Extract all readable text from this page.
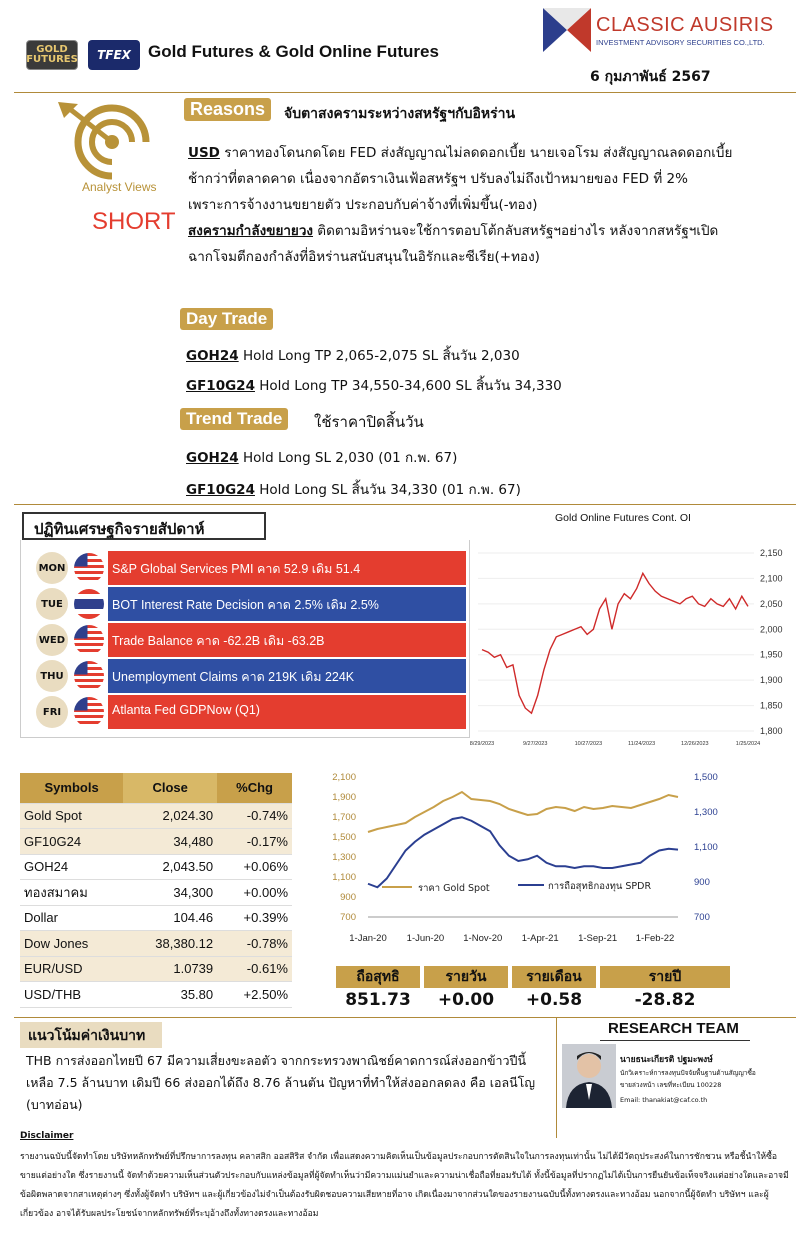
GOLD FUTURES	TFEX	Gold Futures & Gold Online Futures
CLASSIC AUSIRIS
INVESTMENT ADVISORY SECURITIES CO.,LTD.
6 กุมภาพันธ์ 2567
Analyst Views
SHORT
Reasons	จับตาสงครามระหว่างสหรัฐฯกับอิหร่าน
USD ราคาทองโดนกดโดย FED ส่งสัญญาณไม่ลดดอกเบี้ย นายเจอโรม ส่งสัญญาณลดดอกเบี้ย
ช้ากว่าที่ตลาดคาด เนื่องจากอัตราเงินเฟ้อสหรัฐฯ ปรับลงไม่ถึงเป้าหมายของ FED ที่ 2%
เพราะการจ้างงานขยายตัว ประกอบกับค่าจ้างที่เพิ่มขึ้น(-ทอง)
สงครามกำลังขยายวง ติดตามอิหร่านจะใช้การตอบโต้กลับสหรัฐฯอย่างไร หลังจากสหรัฐฯเปิด
ฉากโจมตีกองกำลังที่อิหร่านสนับสนุนในอิรักและซีเรีย(+ทอง)
Day Trade
GOH24 Hold Long TP 2,065-2,075 SL สิ้นวัน 2,030
GF10G24 Hold Long TP 34,550-34,600 SL สิ้นวัน 34,330
Trend Trade	ใช้ราคาปิดสิ้นวัน
GOH24 Hold Long SL 2,030 (01 ก.พ. 67)
GF10G24 Hold Long SL สิ้นวัน 34,330 (01 ก.พ. 67)
ปฏิทินเศรษฐกิจรายสัปดาห์
MON	S&P Global Services PMI คาด 52.9 เดิม 51.4
TUE	BOT Interest Rate Decision คาด 2.5% เดิม 2.5%
WED	Trade Balance คาด -62.2B เดิม -63.2B
THU	Unemployment Claims คาด 219K เดิม 224K
FRI	Atlanta Fed GDPNow (Q1)
Gold Online Futures Cont. OI
2,150
2,100
2,050
2,000
1,950
1,900
1,850
1,800
8/29/2023	9/27/2023	10/27/2023	11/24/2023	12/26/2023	1/25/2024
Symbols	Close	%Chg
Gold Spot	2,024.30	-0.74%
GF10G24	34,480	-0.17%
GOH24	2,043.50	+0.06%
ทองสมาคม	34,300	+0.00%
Dollar	104.46	+0.39%
Dow Jones	38,380.12	-0.78%
EUR/USD	1.0739	-0.61%
USD/THB	35.80	+2.50%
2,100
1,900
1,700
1,500
1,300
1,100
900
700
1,500
1,300
1,100
900
700
1-Jan-20 1-Jun-20 1-Nov-20 1-Apr-21 1-Sep-21 1-Feb-22
ราคา Gold Spot	การถือสุทธิกองทุน SPDR
ถือสุทธิ	รายวัน	รายเดือน	รายปี
851.73	+0.00	+0.58	-28.82
แนวโน้มค่าเงินบาท
THB การส่งออกไทยปี 67 มีความเสี่ยงขะลอตัว จากกระทรวงพาณิชย์คาดการณ์ส่งออกข้าวปีนี้ เหลือ 7.5 ล้านบาท เดิมปี 66 ส่งออกได้ถึง 8.76 ล้านตัน ปัญหาที่ทำให้ส่งออกลดลง คือ เอลนีโญ (บาทอ่อน)
RESEARCH TEAM
นายธนะเกียรติ ปฐมะพงษ์
นักวิเคราะห์การลงทุนปัจจัยพื้นฐานด้านสัญญาซื้อ
ขายล่วงหน้า เลขที่ทะเบียน 100228
Email: thanakiat@caf.co.th
Disclaimer
รายงานฉบับนี้จัดทำโดย บริษัทหลักทรัพย์ที่ปรึกษาการลงทุน คลาสสิก ออสสิริส จำกัด เพื่อแสดงความคิดเห็นเป็นข้อมูลประกอบการตัดสินใจในการลงทุนเท่านั้น ไม่ได้มีวัตถุประสงค์ในการชักชวน หรือชี้นำให้ซื้อขายแต่อย่างใด ซึ่งรายงานนี้ จัดทำด้วยความเห็นส่วนตัวประกอบกับแหล่งข้อมูลที่ผู้จัดทำเห็นว่ามีความแม่นยำและความน่าเชื่อถือที่ยอมรับได้ ทั้งนี้ข้อมูลที่ปรากฏไม่ได้เป็นการยืนยันข้อเท็จจริงแต่อย่างใดและอาจมีข้อผิดพลาดจากสาเหตุต่างๆ ซึ่งทั้งผู้จัดทำ บริษัทฯ และผู้เกี่ยวข้องไม่จำเป็นต้องรับผิดชอบความเสียหายที่อาจ เกิดเนื่องมาจากส่วนใดของรายงานฉบับนี้ทั้งทางตรงและทางอ้อม นอกจากนี้ผู้จัดทำ บริษัทฯ และผู้เกี่ยวข้อง อาจได้รับผลประโยชน์จากหลักทรัพย์ที่ระบุอ้างถึงทั้งทางตรงและทางอ้อม
